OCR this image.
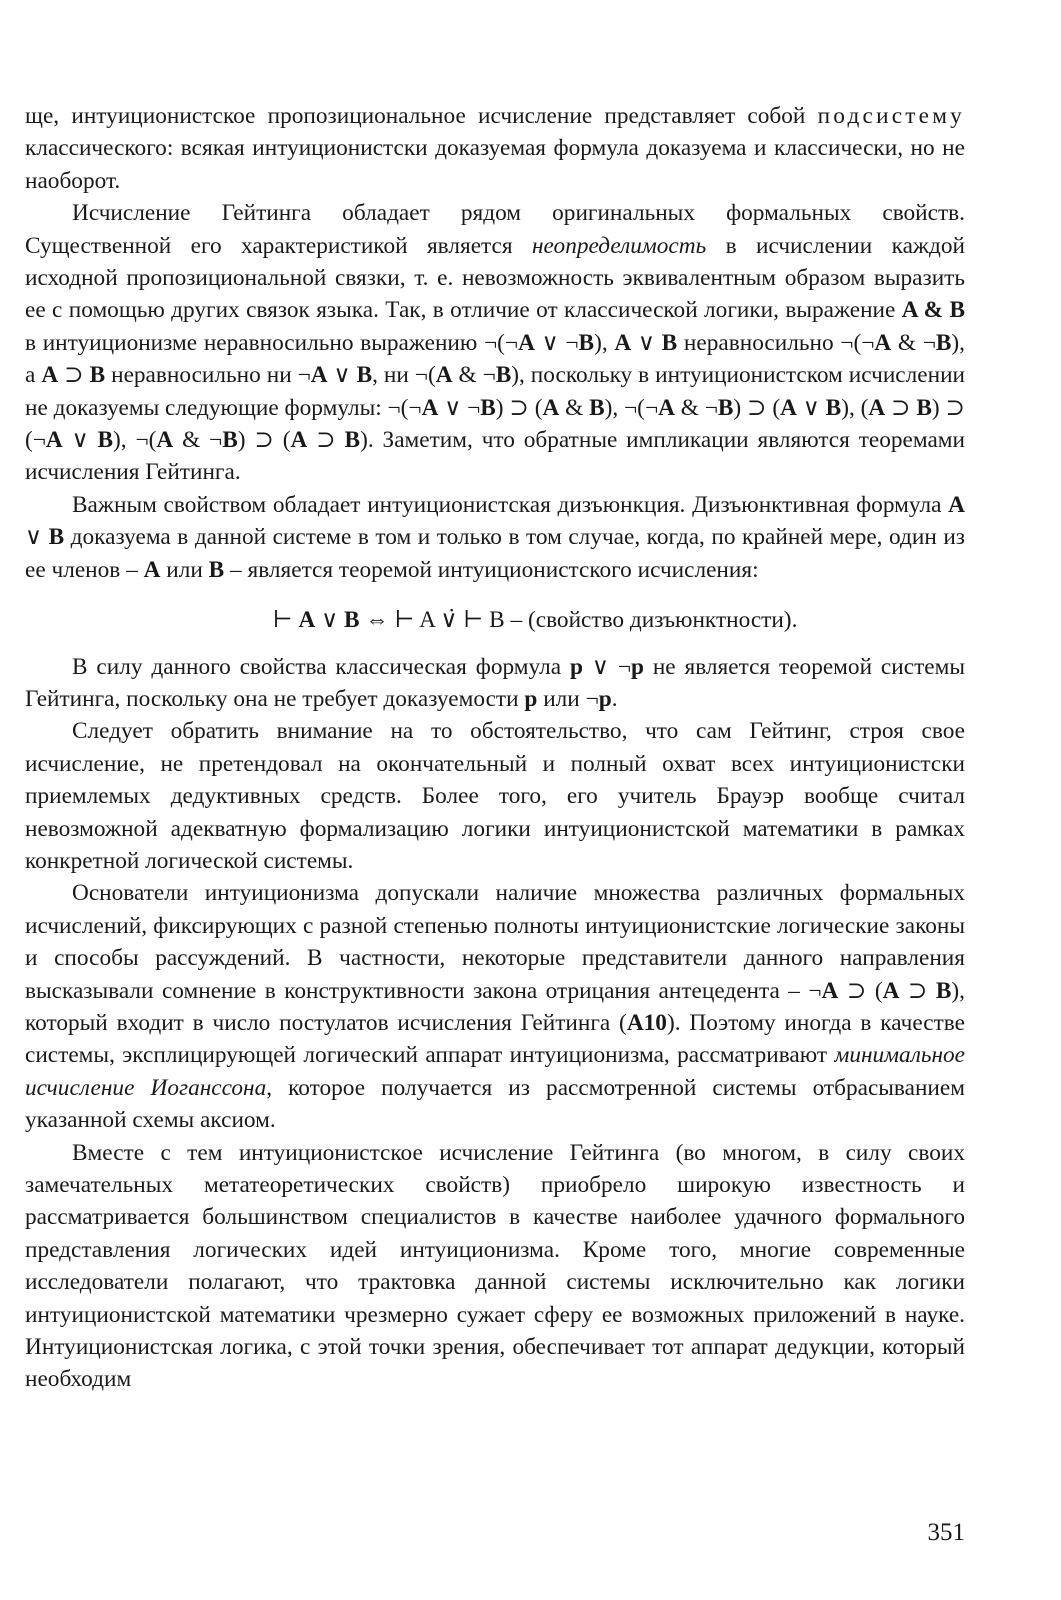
ще, интуиционистское пропозициональное исчисление представляет собой подсистему классического: всякая интуиционистски доказуемая формула доказуема и классически, но не наоборот.

Исчисление Гейтинга обладает рядом оригинальных формальных свойств. Существенной его характеристикой является неопределимость в исчислении каждой исходной пропозициональной связки, т. е. невозможность эквивалентным образом выразить ее с помощью других связок языка. Так, в отличие от классической логики, выражение A & B в интуиционизме неравносильно выражению ¬(¬A ∨ ¬B), A ∨ B неравносильно ¬(¬A & ¬B), а A ⊃ B неравносильно ни ¬A ∨ B, ни ¬(A & ¬B), поскольку в интуиционистском исчислении не доказуемы следующие формулы: ¬(¬A ∨ ¬B) ⊃ (A & B), ¬(¬A & ¬B) ⊃ (A ∨ B), (A ⊃ B) ⊃ (¬A ∨ B), ¬(A & ¬B) ⊃ (A ⊃ B). Заметим, что обратные импликации являются теоремами исчисления Гейтинга.

Важным свойством обладает интуиционистская дизъюнкция. Дизъюнктивная формула A ∨ B доказуема в данной системе в том и только в том случае, когда, по крайней мере, один из ее членов – A или B – является теоремой интуиционистского исчисления:

⊢ A ∨ B ⇔ ⊢ A ∨̇ ⊢ B – (свойство дизъюнктности).

В силу данного свойства классическая формула p ∨ ¬p не является теоремой системы Гейтинга, поскольку она не требует доказуемости p или ¬p.

Следует обратить внимание на то обстоятельство, что сам Гейтинг, строя свое исчисление, не претендовал на окончательный и полный охват всех интуиционистски приемлемых дедуктивных средств. Более того, его учитель Брауэр вообще считал невозможной адекватную формализацию логики интуиционистской математики в рамках конкретной логической системы.

Основатели интуиционизма допускали наличие множества различных формальных исчислений, фиксирующих с разной степенью полноты интуиционистские логические законы и способы рассуждений. В частности, некоторые представители данного направления высказывали сомнение в конструктивности закона отрицания антецедента – ¬A ⊃ (A ⊃ B), который входит в число постулатов исчисления Гейтинга (A10). Поэтому иногда в качестве системы, эксплицирующей логический аппарат интуиционизма, рассматривают минимальное исчисление Иоганссона, которое получается из рассмотренной системы отбрасыванием указанной схемы аксиом.

Вместе с тем интуиционистское исчисление Гейтинга (во многом, в силу своих замечательных метатеоретических свойств) приобрело широкую известность и рассматривается большинством специалистов в качестве наиболее удачного формального представления логических идей интуиционизма. Кроме того, многие современные исследователи полагают, что трактовка данной системы исключительно как логики интуиционистской математики чрезмерно сужает сферу ее возможных приложений в науке. Интуиционистская логика, с этой точки зрения, обеспечивает тот аппарат дедукции, который необходим

351
